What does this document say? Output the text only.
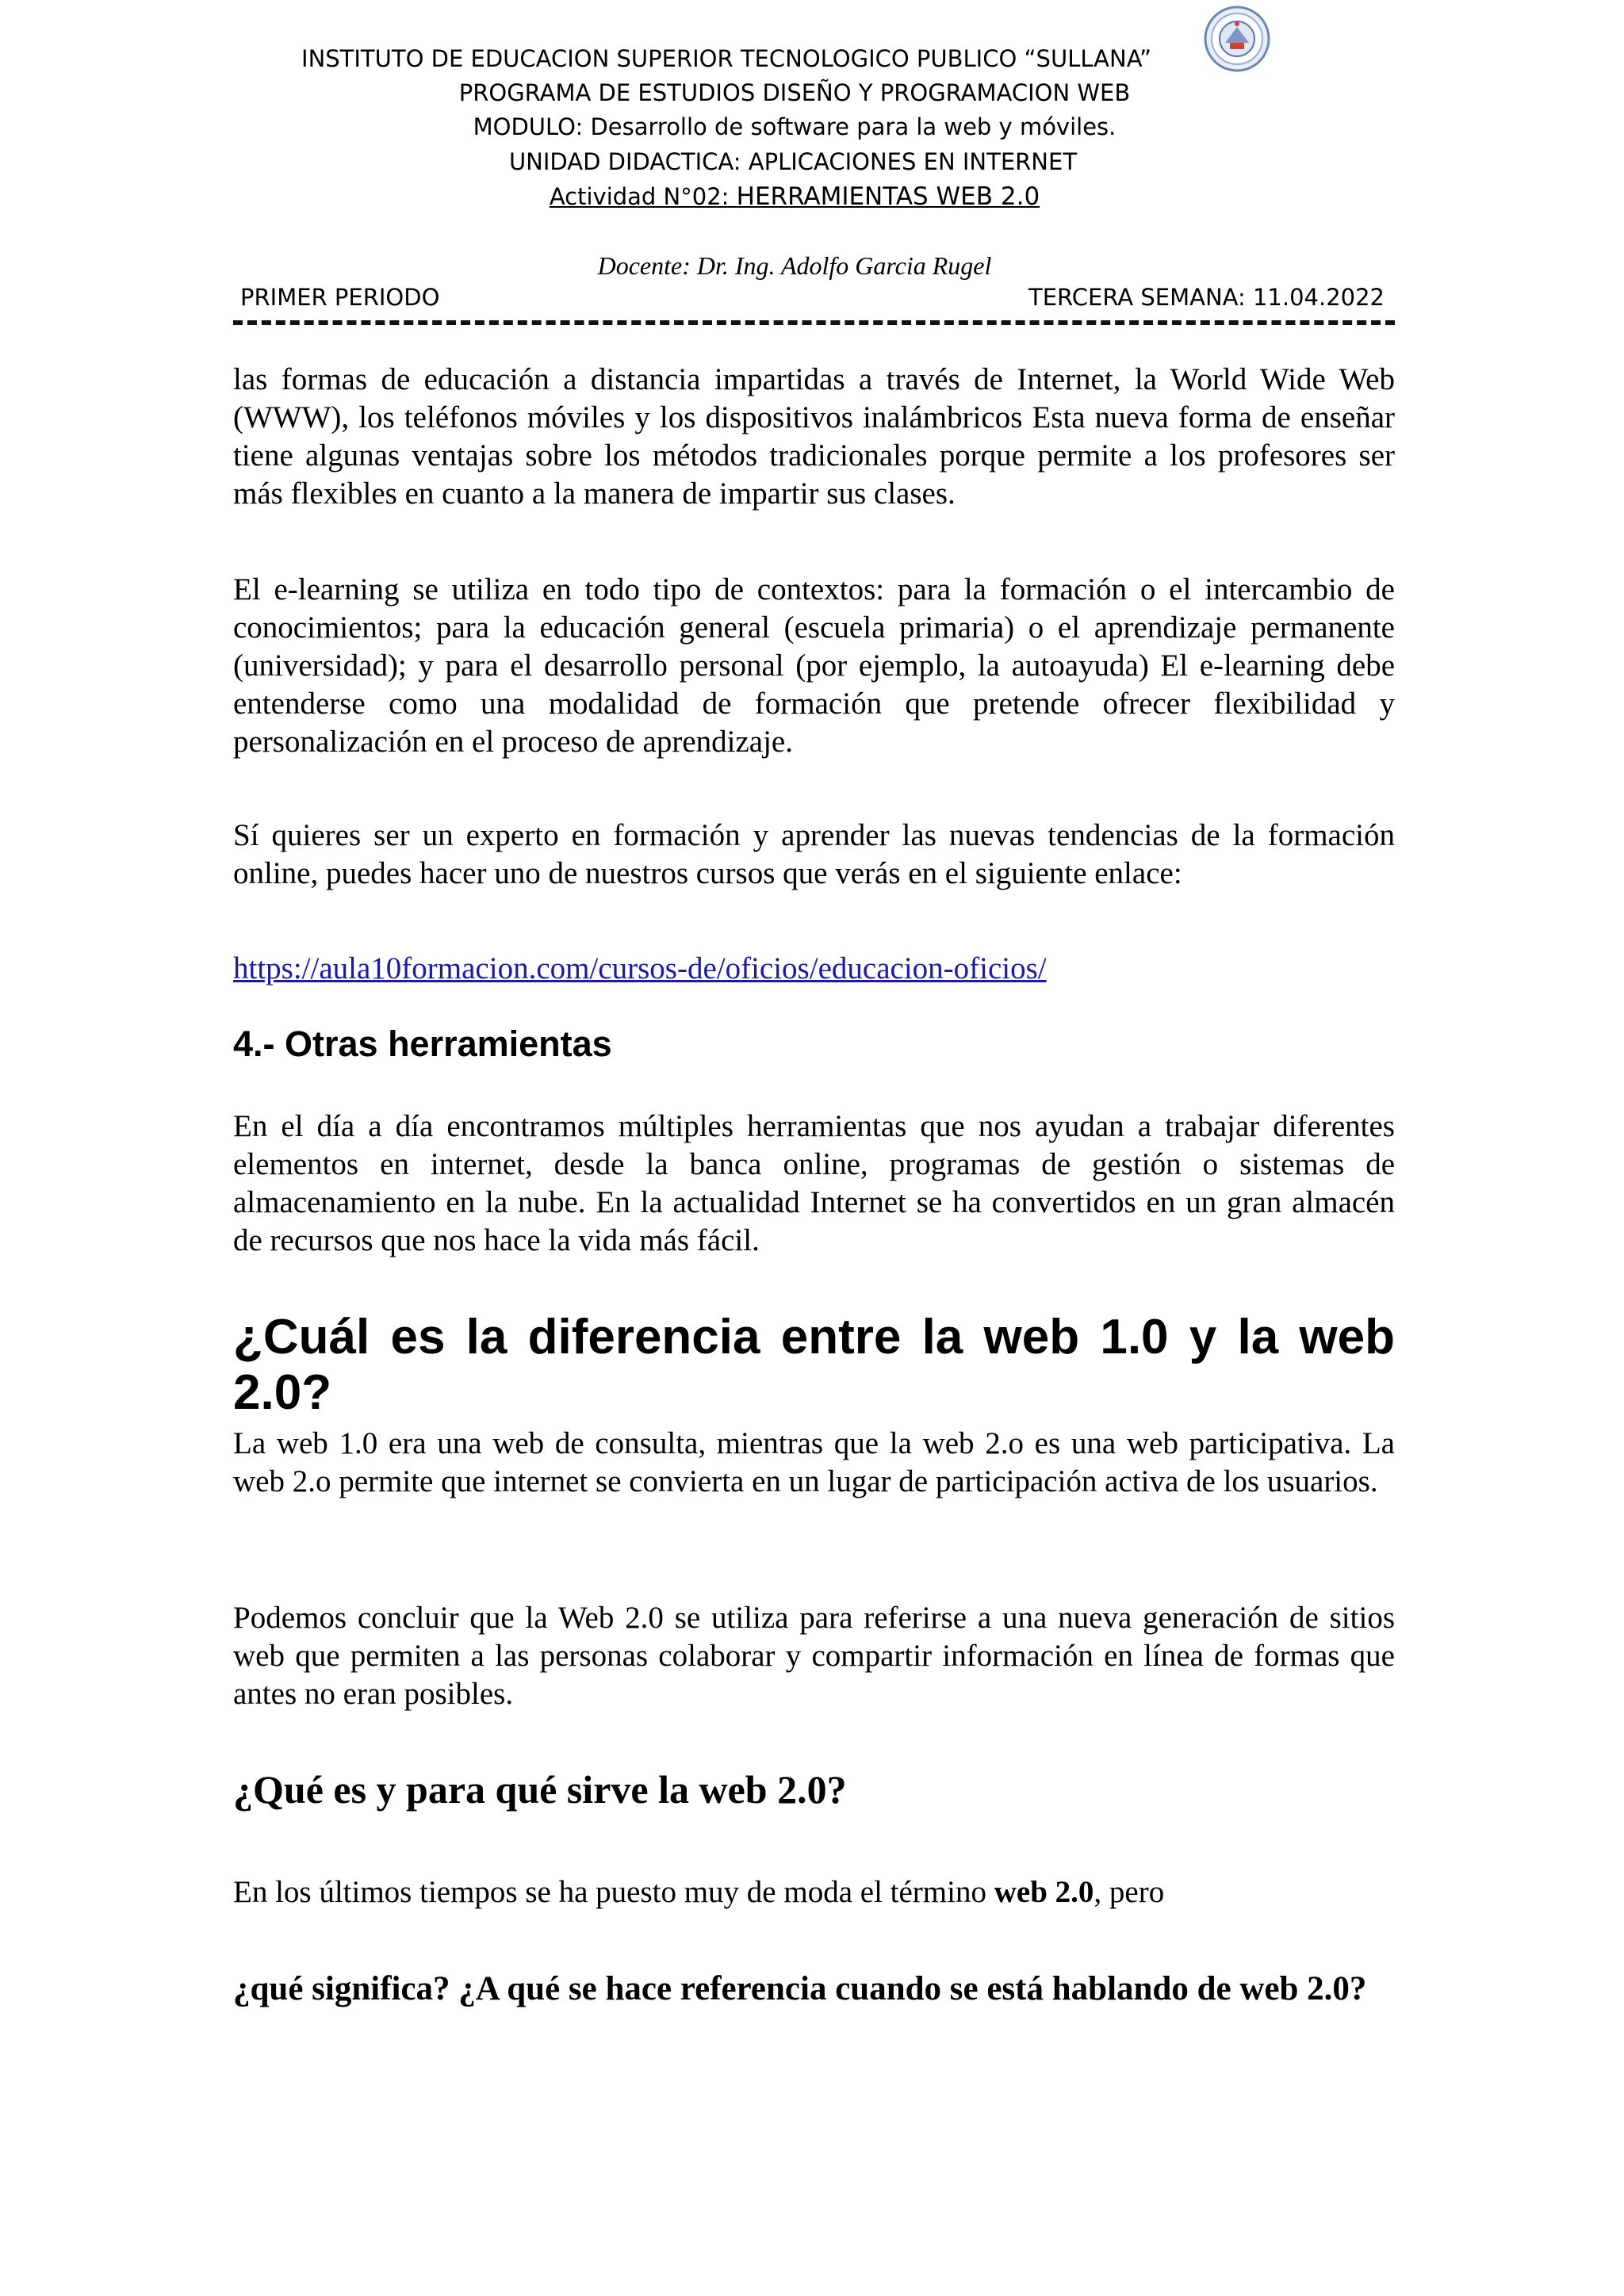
INSTITUTO DE EDUCACION SUPERIOR TECNOLOGICO PUBLICO “SULLANA”
PROGRAMA DE ESTUDIOS DISEÑO Y PROGRAMACION WEB
MODULO: Desarrollo de software para la web y móviles.
UNIDAD DIDACTICA: APLICACIONES EN INTERNET
Actividad N°02: HERRAMIENTAS WEB 2.0
Docente: Dr. Ing. Adolfo Garcia Rugel
PRIMER PERIODO	TERCERA SEMANA: 11.04.2022

las formas de educación a distancia impartidas a través de Internet, la World Wide Web (WWW), los teléfonos móviles y los dispositivos inalámbricos Esta nueva forma de enseñar tiene algunas ventajas sobre los métodos tradicionales porque permite a los profesores ser más flexibles en cuanto a la manera de impartir sus clases.

El e-learning se utiliza en todo tipo de contextos: para la formación o el intercambio de conocimientos; para la educación general (escuela primaria) o el aprendizaje permanente (universidad); y para el desarrollo personal (por ejemplo, la autoayuda) El e-learning debe entenderse como una modalidad de formación que pretende ofrecer flexibilidad y personalización en el proceso de aprendizaje.

Sí quieres ser un experto en formación y aprender las nuevas tendencias de la formación online, puedes hacer uno de nuestros cursos que verás en el siguiente enlace:

https://aula10formacion.com/cursos-de/oficios/educacion-oficios/
4.- Otras herramientas

En el día a día encontramos múltiples herramientas que nos ayudan a trabajar diferentes elementos en internet, desde la banca online, programas de gestión o sistemas de almacenamiento en la nube. En la actualidad Internet se ha convertidos en un gran almacén de recursos que nos hace la vida más fácil.

¿Cuál es la diferencia entre la web 1.0 y la web 2.0?

La web 1.0 era una web de consulta, mientras que la web 2.o es una web participativa. La web 2.o permite que internet se convierta en un lugar de participación activa de los usuarios.

Podemos concluir que la Web 2.0 se utiliza para referirse a una nueva generación de sitios web que permiten a las personas colaborar y compartir información en línea de formas que antes no eran posibles.

¿Qué es y para qué sirve la web 2.0?

En los últimos tiempos se ha puesto muy de moda el término web 2.0, pero

¿qué significa? ¿A qué se hace referencia cuando se está hablando de web 2.0?
